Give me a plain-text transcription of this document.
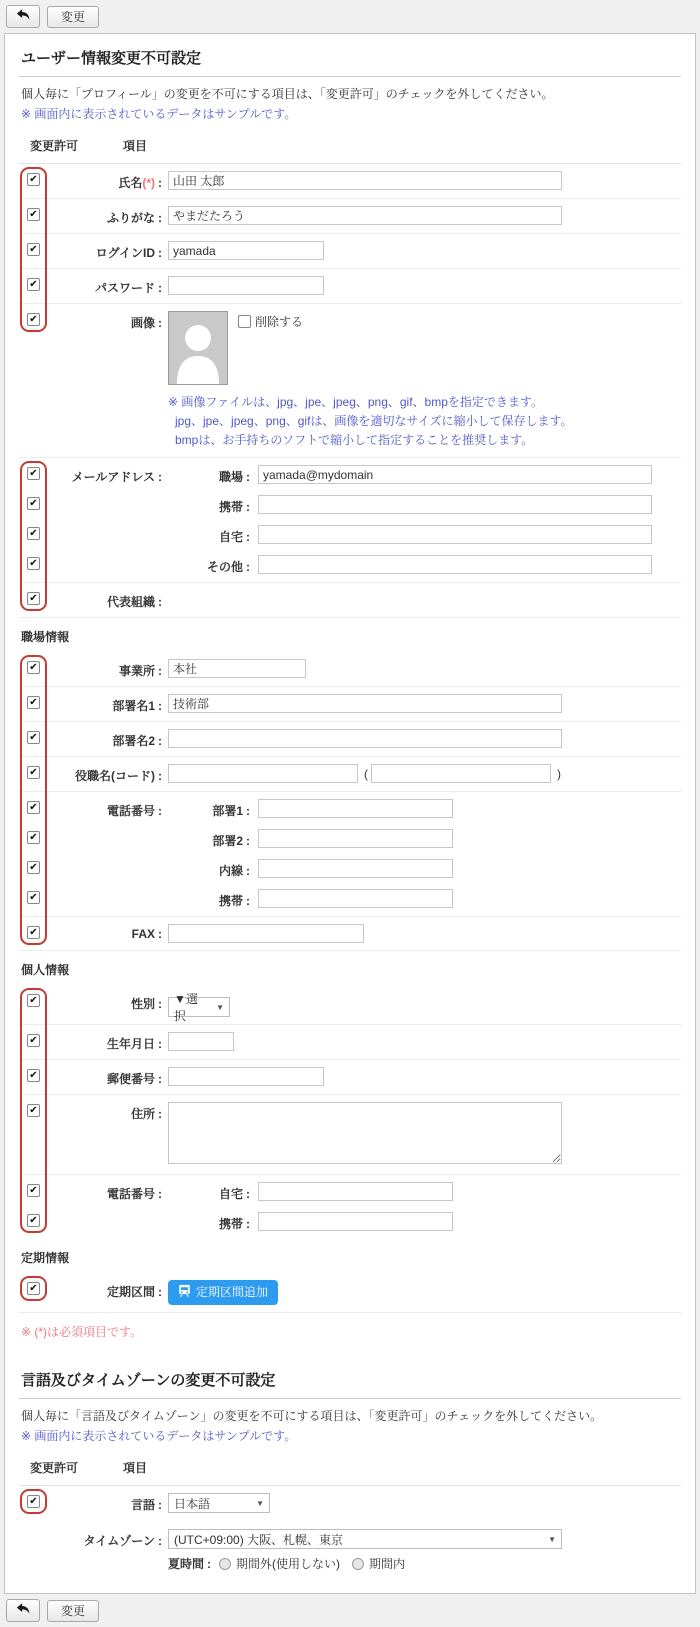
変更
ユーザー情報変更不可設定
個人毎に「プロフィール」の変更を不可にする項目は、「変更許可」のチェックを外してください。
※ 画面内に表示されているデータはサンプルです。
変更許可	項目
✔	氏名(*) :
山田 太郎
✔	ふりがな :
やまだたろう
✔	ログインID :
yamada
✔	パスワード :
✔	画像 :	削除する
※ 画像ファイルは、jpg、jpe、jpeg、png、gif、bmpを指定できます。
jpg、jpe、jpeg、png、gifは、画像を適切なサイズに縮小して保存します。
bmpは、お手持ちのソフトで縮小して指定することを推奨します。
✔	メールアドレス :	職場 :
yamada@mydomain
✔	携帯 :
✔	自宅 :
✔	その他 :
✔	代表組織 :
職場情報
✔	事業所 :
本社
✔	部署名1 :
技術部
✔	部署名2 :
✔	役職名(コード) :	(	)
✔	電話番号 :	部署1 :
✔	部署2 :
✔	内線 :
✔	携帯 :
✔	FAX :
個人情報
✔	性別 : ▼選択
▼
✔	生年月日 :
✔	郵便番号 :
✔	住所 :
✔	電話番号 :	自宅 :
✔	携帯 :
定期情報
✔	定期区間 :	定期区間追加
※ (*)は必須項目です。
言語及びタイムゾーンの変更不可設定
個人毎に「言語及びタイムゾーン」の変更を不可にする項目は、「変更許可」のチェックを外してください。
※ 画面内に表示されているデータはサンプルです。
変更許可	項目
✔	言語 : 日本語	▼
タイムゾーン : (UTC+09:00) 大阪、札幌、東京	▼
夏時間 : 期間外(使用しない) 期間内
変更
